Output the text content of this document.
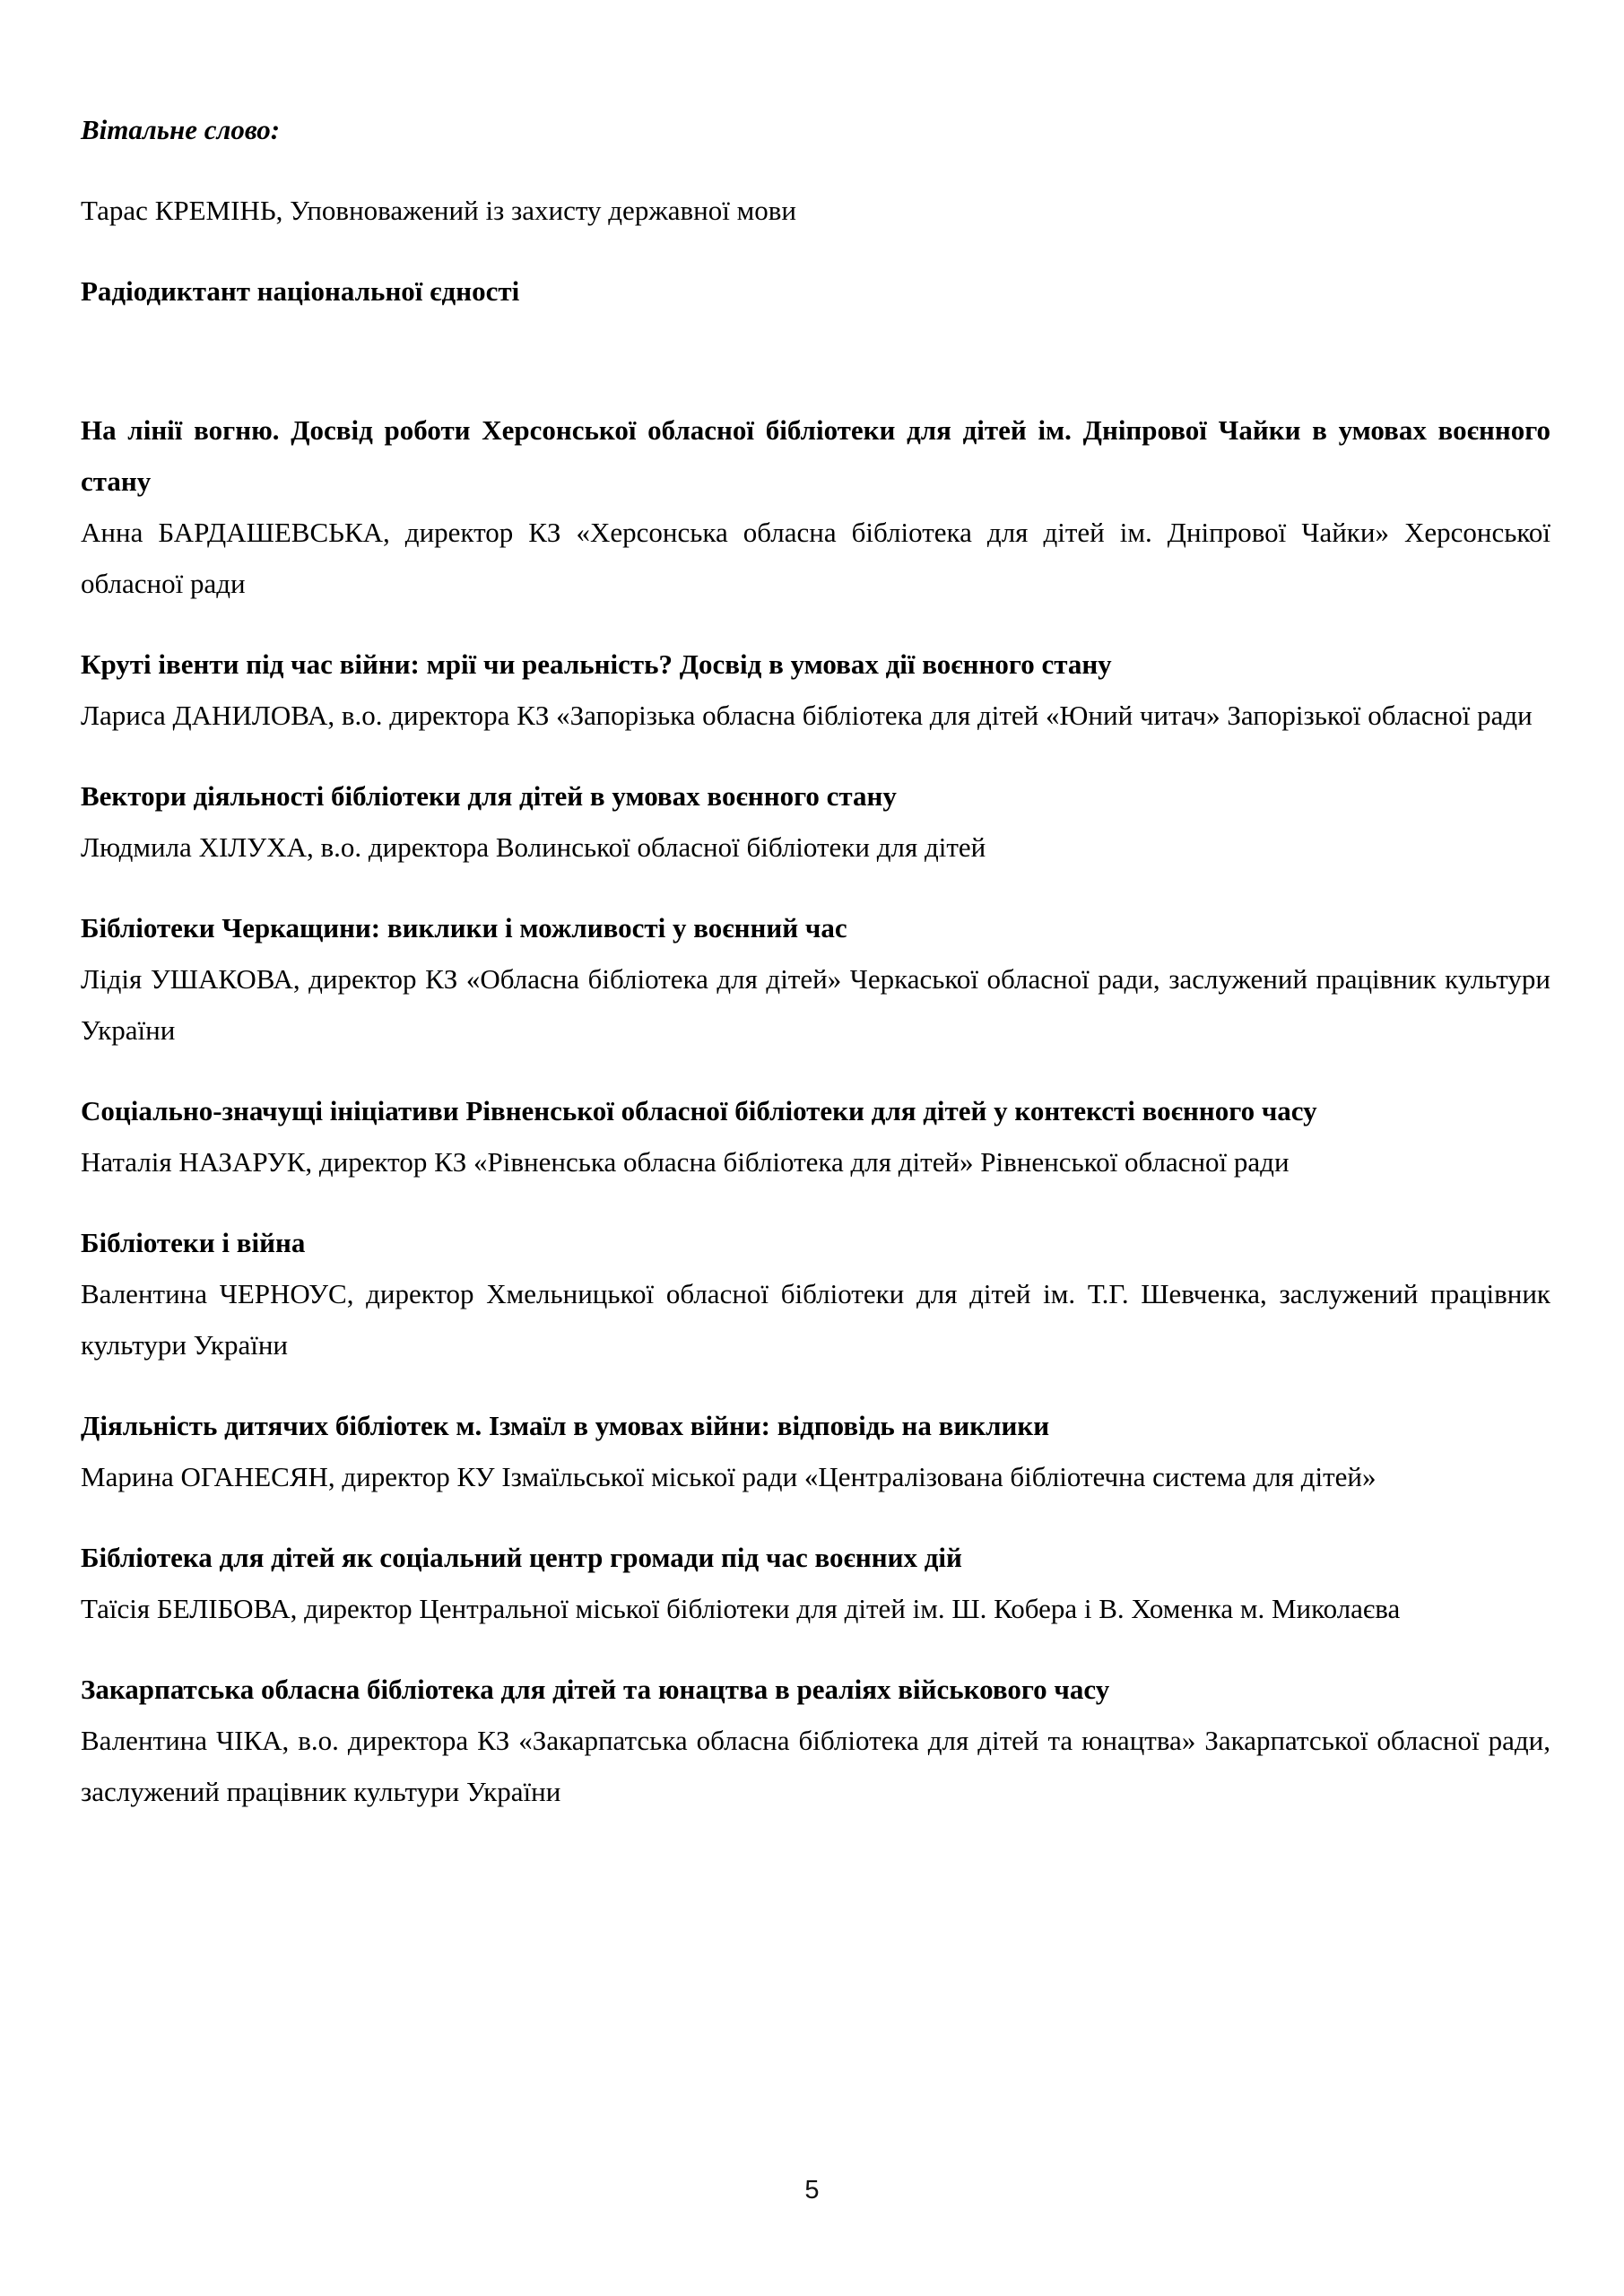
Вітальне слово:

Тарас КРЕМІНЬ, Уповноважений із захисту державної мови

Радіодиктант національної єдності

На лінії вогню. Досвід роботи Херсонської обласної бібліотеки для дітей ім. Дніпрової Чайки в умовах воєнного стану

Анна БАРДАШЕВСЬКА, директор КЗ «Херсонська обласна бібліотека для дітей ім. Дніпрової Чайки» Херсонської обласної ради

Круті івенти під час війни: мрії чи реальність? Досвід в умовах дії воєнного стану

Лариса ДАНИЛОВА, в.о. директора КЗ «Запорізька обласна бібліотека для дітей «Юний читач» Запорізької обласної ради

Вектори діяльності бібліотеки для дітей в умовах воєнного стану

Людмила ХІЛУХА, в.о. директора Волинської обласної бібліотеки для дітей

Бібліотеки Черкащини: виклики і можливості у воєнний час

Лідія УШАКОВА, директор КЗ «Обласна бібліотека для дітей» Черкаської обласної ради, заслужений працівник культури України

Соціально-значущі ініціативи Рівненської обласної бібліотеки для дітей у контексті воєнного часу

Наталія НАЗАРУК, директор КЗ «Рівненська обласна бібліотека для дітей» Рівненської обласної ради

Бібліотеки і війна

Валентина ЧЕРНОУС, директор Хмельницької обласної бібліотеки для дітей ім. Т.Г. Шевченка, заслужений працівник культури України

Діяльність дитячих бібліотек м. Ізмаїл в умовах війни: відповідь на виклики

Марина ОГАНЕСЯН, директор КУ Ізмаїльської міської ради «Централізована бібліотечна система для дітей»

Бібліотека для дітей як соціальний центр громади під час воєнних дій

Таїсія БЕЛІБОВА, директор Центральної міської бібліотеки для дітей ім. Ш. Кобера і В. Хоменка м. Миколаєва

Закарпатська обласна бібліотека для дітей та юнацтва в реаліях військового часу

Валентина ЧІКА, в.о. директора КЗ «Закарпатська обласна бібліотека для дітей та юнацтва» Закарпатської обласної ради, заслужений працівник культури України

5
